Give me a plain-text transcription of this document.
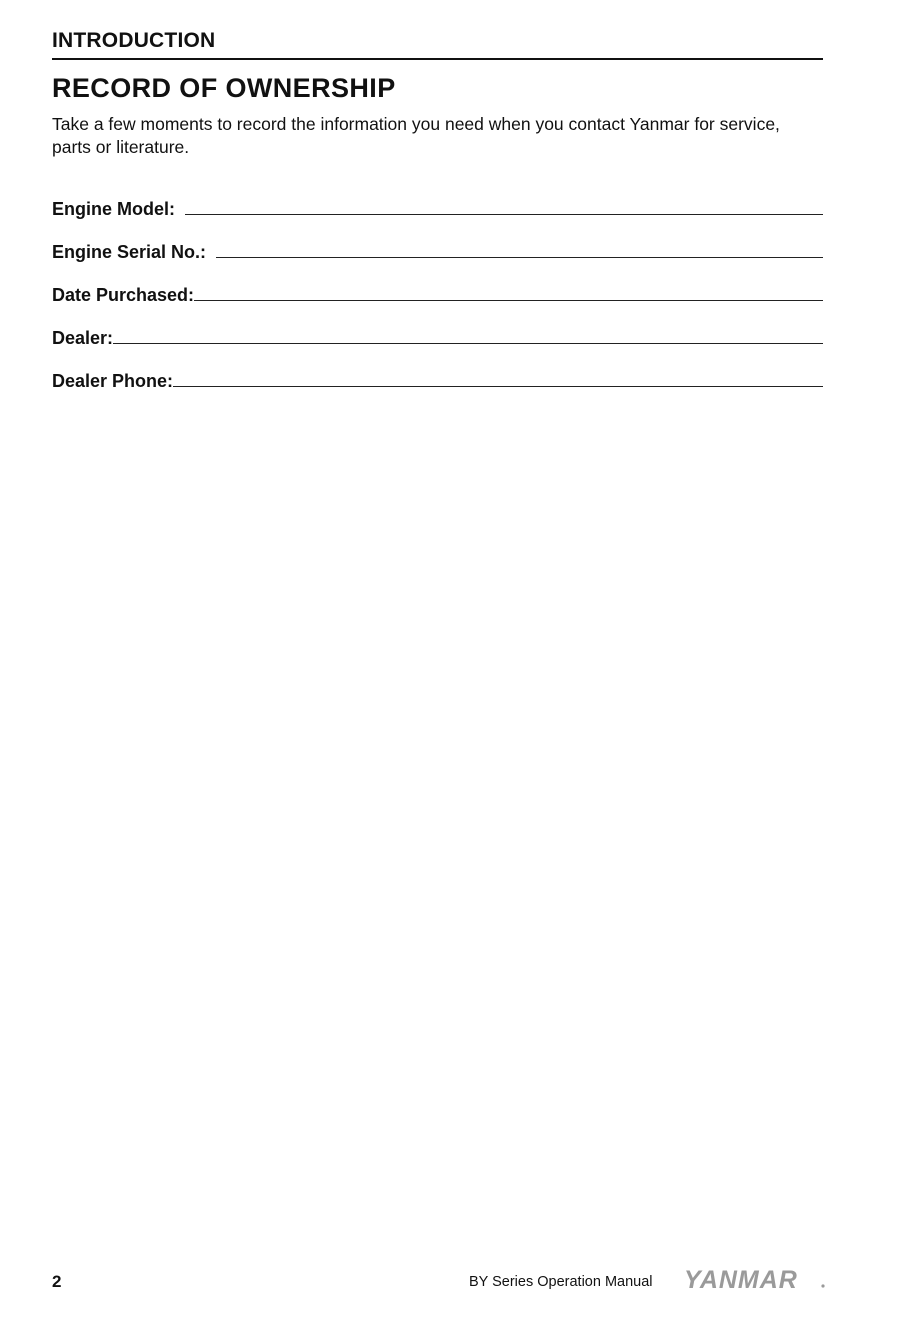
INTRODUCTION
RECORD OF OWNERSHIP

Take a few moments to record the information you need when you contact Yanmar for service, parts or literature.

Engine Model:
Engine Serial No.:
Date Purchased:
Dealer:
Dealer Phone:
2	BY Series Operation Manual YANMAR
